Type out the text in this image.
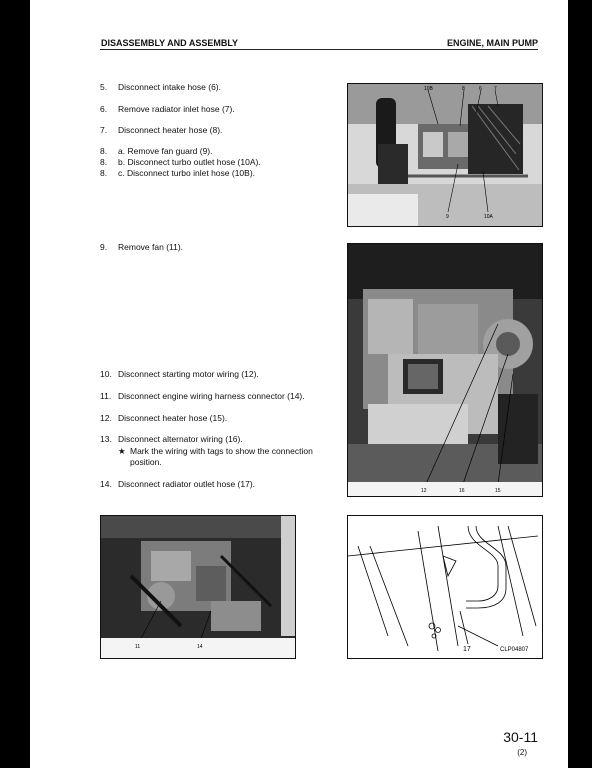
DISASSEMBLY AND ASSEMBLY	ENGINE, MAIN PUMP
5. Disconnect intake hose (6).
6. Remove radiator inlet hose (7).
7. Disconnect heater hose (8).
8. a. Remove fan guard (9).
8. b. Disconnect turbo outlet hose (10A).
8. c. Disconnect turbo inlet hose (10B).
9. Remove fan (11).
10. Disconnect starting motor wiring (12).
11. Disconnect engine wiring harness connector (14).
12. Disconnect heater hose (15).
13. Disconnect alternator wiring (16).
★ Mark the wiring with tags to show the connection position.
14. Disconnect radiator outlet hose (17).
10B	8	6 7
9	10A
12	16	15
11	14	17	CLP04807
30-11
(2)
